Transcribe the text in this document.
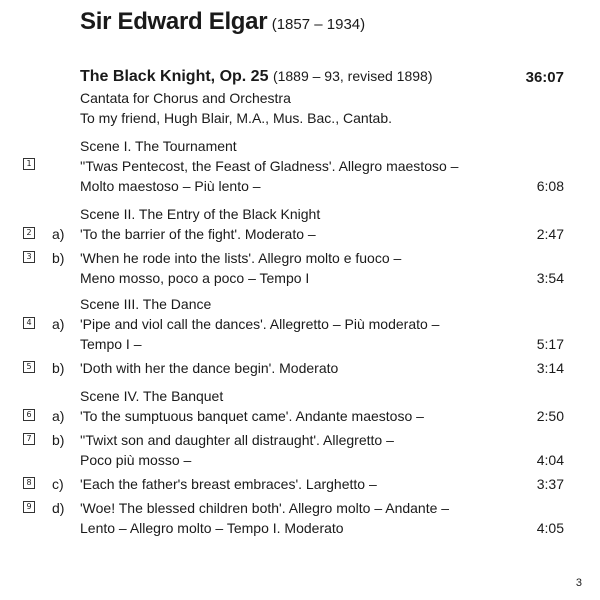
Sir Edward Elgar (1857 – 1934)
The Black Knight, Op. 25 (1889 – 93, revised 1898)	36:07
Cantata for Chorus and Orchestra
To my friend, Hugh Blair, M.A., Mus. Bac., Cantab.
Scene I. The Tournament
1	''Twas Pentecost, the Feast of Gladness'. Allegro maestoso –
Molto maestoso – Più lento –	6:08
Scene II. The Entry of the Black Knight
2 a) 'To the barrier of the fight'. Moderato –	2:47
3 b) 'When he rode into the lists'. Allegro molto e fuoco –
Meno mosso, poco a poco – Tempo I	3:54
Scene III. The Dance
4 a) 'Pipe and viol call the dances'. Allegretto – Più moderato –
Tempo I –	5:17
5 b) 'Doth with her the dance begin'. Moderato	3:14
Scene IV. The Banquet
6 a) 'To the sumptuous banquet came'. Andante maestoso –	2:50
7 b) ''Twixt son and daughter all distraught'. Allegretto –
Poco più mosso –	4:04
8 c) 'Each the father's breast embraces'. Larghetto –	3:37
9 d) 'Woe! The blessed children both'. Allegro molto – Andante –
Lento – Allegro molto – Tempo I. Moderato	4:05
3
